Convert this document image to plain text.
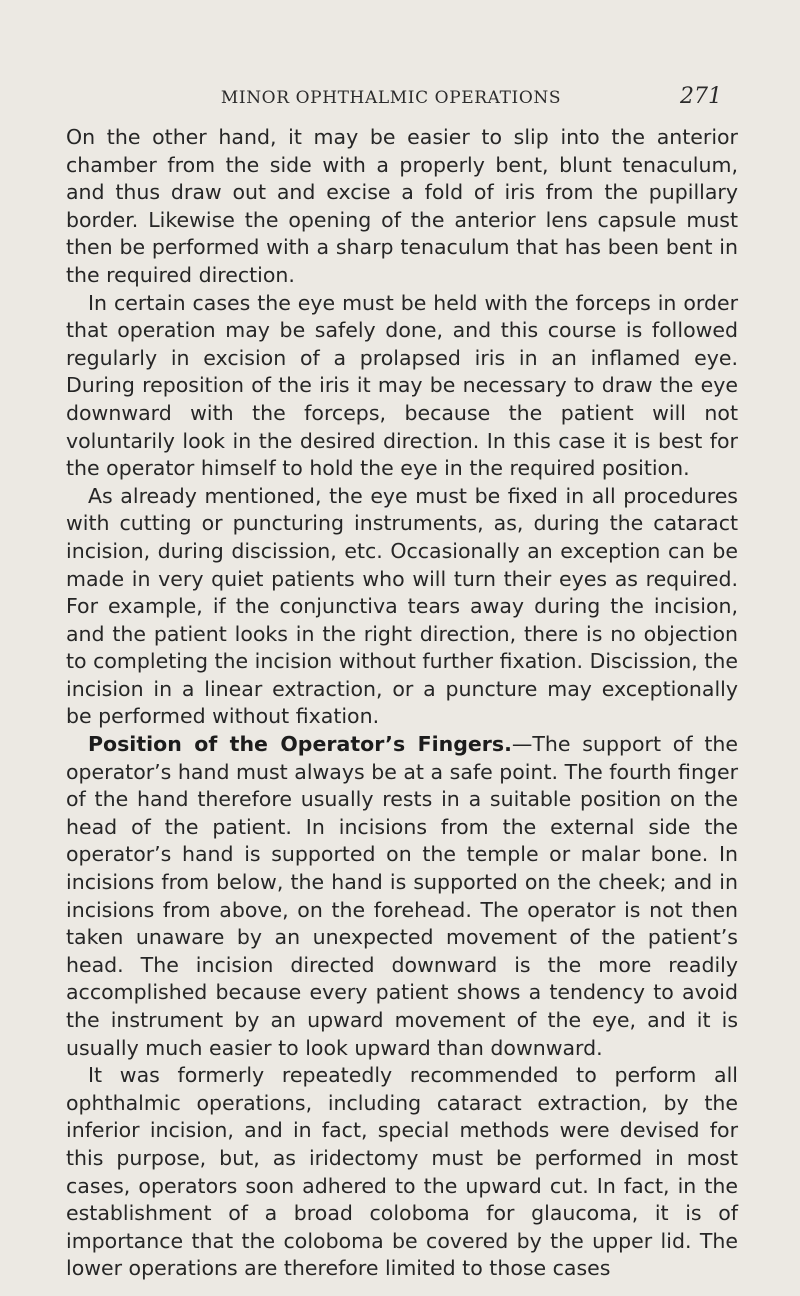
MINOR OPHTHALMIC OPERATIONS	271

On the other hand, it may be easier to slip into the anterior chamber from the side with a properly bent, blunt tenaculum, and thus draw out and excise a fold of iris from the pupillary border. Likewise the opening of the anterior lens capsule must then be performed with a sharp tenaculum that has been bent in the required direction.

In certain cases the eye must be held with the forceps in order that operation may be safely done, and this course is followed regularly in excision of a prolapsed iris in an inflamed eye. During reposition of the iris it may be necessary to draw the eye downward with the forceps, because the patient will not voluntarily look in the desired direction. In this case it is best for the operator himself to hold the eye in the required position.

As already mentioned, the eye must be fixed in all procedures with cutting or puncturing instruments, as, during the cataract incision, during discission, etc. Occasionally an exception can be made in very quiet patients who will turn their eyes as required. For example, if the conjunctiva tears away during the incision, and the patient looks in the right direction, there is no objection to completing the incision without further fixation. Discission, the incision in a linear extraction, or a puncture may exceptionally be performed without fixation.

Position of the Operator’s Fingers.—The support of the operator’s hand must always be at a safe point. The fourth finger of the hand therefore usually rests in a suitable position on the head of the patient. In incisions from the external side the operator’s hand is supported on the temple or malar bone. In incisions from below, the hand is supported on the cheek; and in incisions from above, on the forehead. The operator is not then taken unaware by an unexpected movement of the patient’s head. The incision directed downward is the more readily accomplished because every patient shows a tendency to avoid the instrument by an upward movement of the eye, and it is usually much easier to look upward than downward.

It was formerly repeatedly recommended to perform all ophthalmic operations, including cataract extraction, by the inferior incision, and in fact, special methods were devised for this purpose, but, as iridectomy must be performed in most cases, operators soon adhered to the upward cut. In fact, in the establishment of a broad coloboma for glaucoma, it is of importance that the coloboma be covered by the upper lid. The lower operations are therefore limited to those cases
